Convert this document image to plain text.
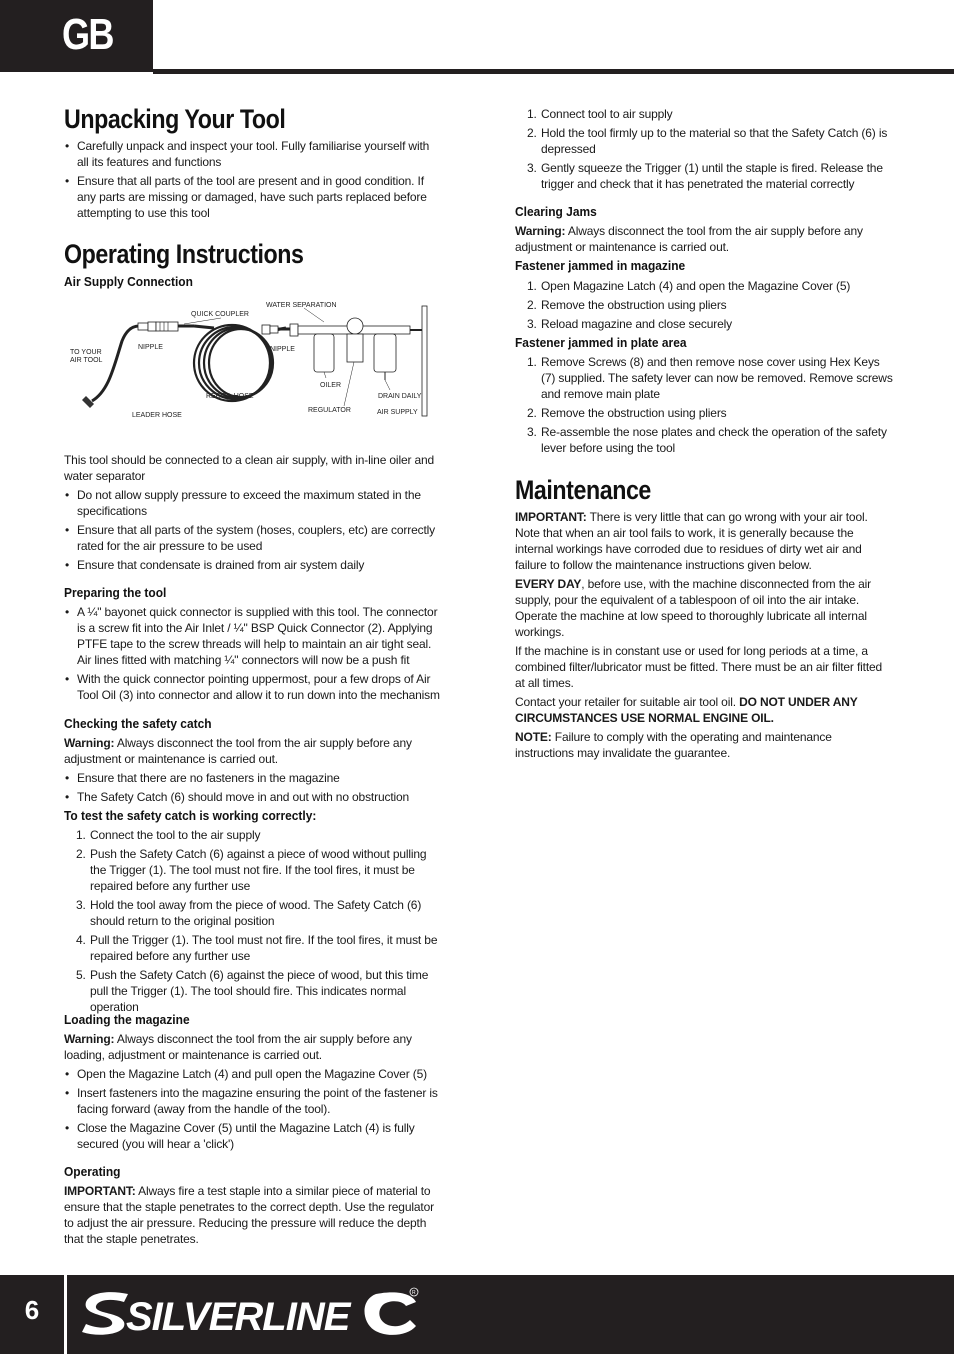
GB
Unpacking Your Tool
• Carefully unpack and inspect your tool. Fully familiarise yourself with all its features and functions
• Ensure that all parts of the tool are present and in good condition. If any parts are missing or damaged, have such parts replaced before attempting to use this tool
Operating Instructions
Air Supply Connection
WATER SEPARATION
QUICK COUPLER
NIPPLE	NIPPLE
TO YOUR
AIR TOOL
OILER
DRAIN DAILY
RECOIL HOSE
REGULATOR	AIR SUPPLY
LEADER HOSE

This tool should be connected to a clean air supply, with in-line oiler and water separator

• Do not allow supply pressure to exceed the maximum stated in the specifications
• Ensure that all parts of the system (hoses, couplers, etc) are correctly rated for the air pressure to be used
• Ensure that condensate is drained from air system daily
Preparing the tool
• A ¼" bayonet quick connector is supplied with this tool. The connector is a screw fit into the Air Inlet / ¼" BSP Quick Connector (2). Applying PTFE tape to the screw threads will help to maintain an air tight seal. Air lines fitted with matching ¼" connectors will now be a push fit
• With the quick connector pointing uppermost, pour a few drops of Air Tool Oil (3) into connector and allow it to run down into the mechanism
Checking the safety catch

Warning: Always disconnect the tool from the air supply before any adjustment or maintenance is carried out.

• Ensure that there are no fasteners in the magazine
• The Safety Catch (6) should move in and out with no obstruction
To test the safety catch is working correctly:
1. Connect the tool to the air supply
2. Push the Safety Catch (6) against a piece of wood without pulling the Trigger (1). The tool must not fire. If the tool fires, it must be repaired before any further use
3. Hold the tool away from the piece of wood. The Safety Catch (6) should return to the original position
4. Pull the Trigger (1). The tool must not fire. If the tool fires, it must be repaired before any further use
5. Push the Safety Catch (6) against the piece of wood, but this time pull the Trigger (1). The tool should fire. This indicates normal operation
Loading the magazine

Warning: Always disconnect the tool from the air supply before any loading, adjustment or maintenance is carried out.

• Open the Magazine Latch (4) and pull open the Magazine Cover (5)
• Insert fasteners into the magazine ensuring the point of the fastener is facing forward (away from the handle of the tool).
• Close the Magazine Cover (5) until the Magazine Latch (4) is fully secured (you will hear a 'click')
Operating

IMPORTANT: Always fire a test staple into a similar piece of material to ensure that the staple penetrates to the correct depth. Use the regulator to adjust the air pressure. Reducing the pressure will reduce the depth that the staple penetrates.

1. Connect tool to air supply
2. Hold the tool firmly up to the material so that the Safety Catch (6) is depressed
3. Gently squeeze the Trigger (1) until the staple is fired. Release the trigger and check that it has penetrated the material correctly
Clearing Jams

Warning: Always disconnect the tool from the air supply before any adjustment or maintenance is carried out.

Fastener jammed in magazine
1. Open Magazine Latch (4) and open the Magazine Cover (5)
2. Remove the obstruction using pliers
3. Reload magazine and close securely
Fastener jammed in plate area
1. Remove Screws (8) and then remove nose cover using Hex Keys (7) supplied. The safety lever can now be removed. Remove screws and remove main plate
2. Remove the obstruction using pliers
3. Re-assemble the nose plates and check the operation of the safety lever before using the tool
Maintenance

IMPORTANT: There is very little that can go wrong with your air tool. Note that when an air tool fails to work, it is generally because the internal workings have corroded due to residues of dirty wet air and failure to follow the maintenance instructions given below.

EVERY DAY, before use, with the machine disconnected from the air supply, pour the equivalent of a tablespoon of oil into the air intake. Operate the machine at low speed to thoroughly lubricate all internal workings.

If the machine is in constant use or used for long periods at a time, a combined filter/lubricator must be fitted. There must be an air filter fitted at all times.

Contact your retailer for suitable air tool oil. DO NOT UNDER ANY CIRCUMSTANCES USE NORMAL ENGINE OIL.

NOTE: Failure to comply with the operating and maintenance instructions may invalidate the guarantee.

6	SILVERLINE
R
